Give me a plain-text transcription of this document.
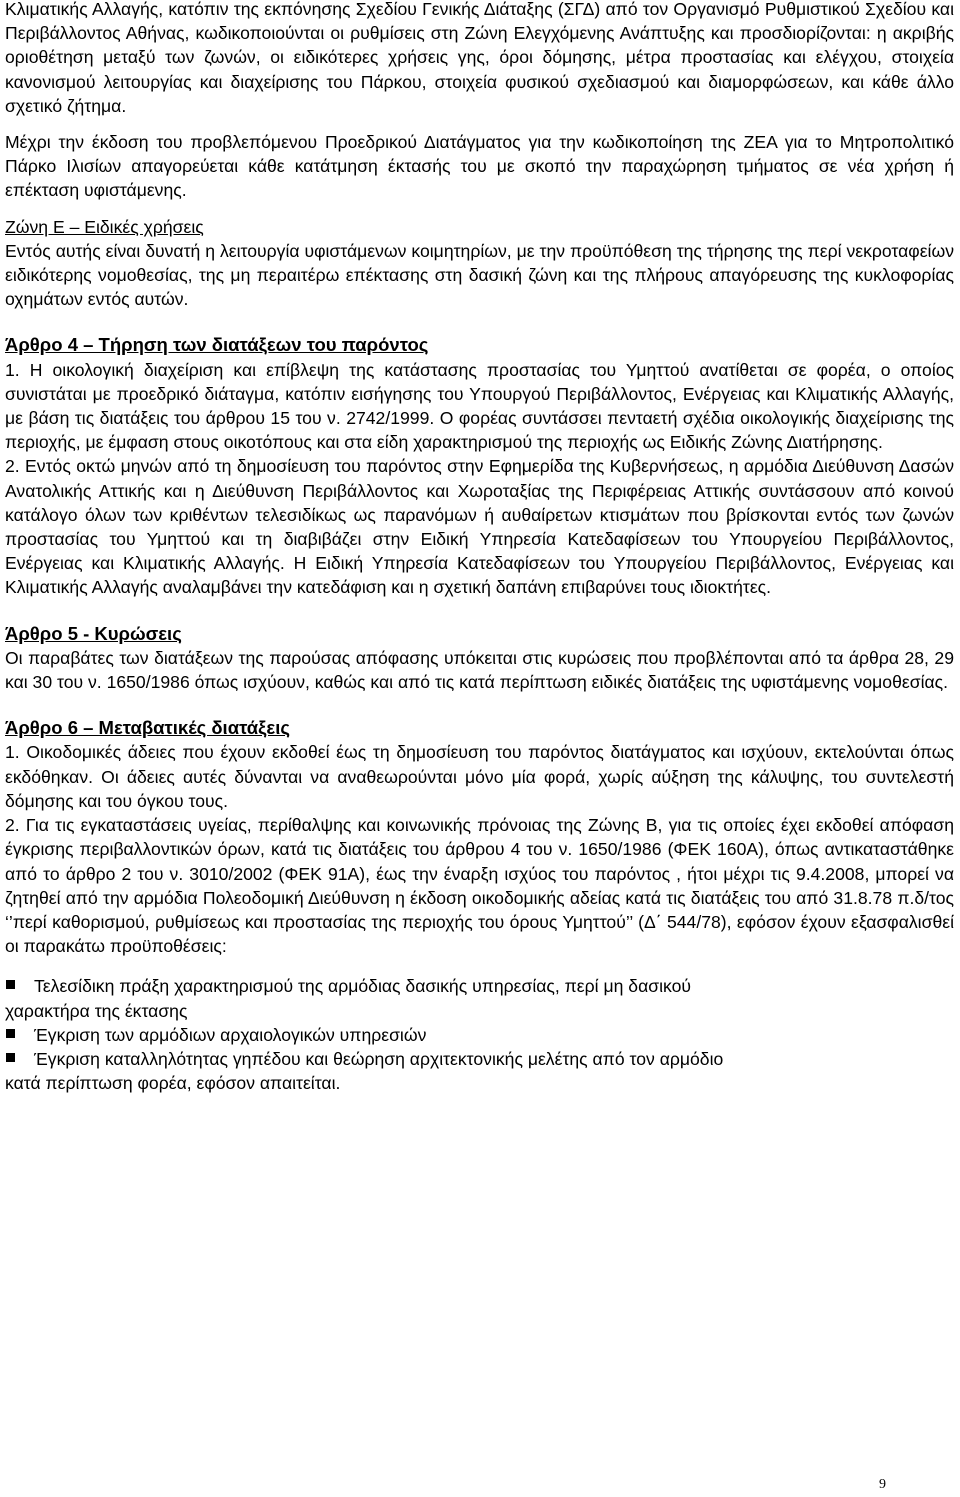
Κλιματικής Αλλαγής, κατόπιν της εκπόνησης Σχεδίου Γενικής Διάταξης (ΣΓΔ) από τον Οργανισμό Ρυθμιστικού Σχεδίου και Περιβάλλοντος Αθήνας, κωδικοποιούνται οι ρυθμίσεις στη Ζώνη Ελεγχόμενης Ανάπτυξης και προσδιορίζονται: η ακριβής οριοθέτηση μεταξύ των ζωνών, οι ειδικότερες χρήσεις γης, όροι δόμησης, μέτρα προστασίας και ελέγχου, στοιχεία κανονισμού λειτουργίας και διαχείρισης του Πάρκου, στοιχεία φυσικού σχεδιασμού και διαμορφώσεων, και κάθε άλλο σχετικό ζήτημα.

Μέχρι την έκδοση του προβλεπόμενου Προεδρικού Διατάγματος για την κωδικοποίηση της ΖΕΑ για το Μητροπολιτικό Πάρκο Ιλισίων απαγορεύεται κάθε κατάτμηση έκτασής του με σκοπό την παραχώρηση τμήματος σε νέα χρήση ή επέκταση υφιστάμενης.

Ζώνη Ε – Ειδικές χρήσεις

Εντός αυτής είναι δυνατή η λειτουργία υφιστάμενων κοιμητηρίων, με την προϋπόθεση της τήρησης της περί νεκροταφείων ειδικότερης νομοθεσίας, της μη περαιτέρω επέκτασης στη δασική ζώνη και της πλήρους απαγόρευσης της κυκλοφορίας οχημάτων εντός αυτών.

Άρθρο 4 – Τήρηση των διατάξεων του παρόντος

1. Η οικολογική διαχείριση και επίβλεψη της κατάστασης προστασίας του Υμηττού ανατίθεται σε φορέα, ο οποίος συνιστάται με προεδρικό διάταγμα, κατόπιν εισήγησης του Υπουργού Περιβάλλοντος, Ενέργειας και Κλιματικής Αλλαγής, με βάση τις διατάξεις του άρθρου 15 του ν. 2742/1999. Ο φορέας συντάσσει πενταετή σχέδια οικολογικής διαχείρισης της περιοχής, με έμφαση στους οικοτόπους και στα είδη χαρακτηρισμού της περιοχής ως Ειδικής Ζώνης Διατήρησης.

2. Εντός οκτώ μηνών από τη δημοσίευση του παρόντος στην Εφημερίδα της Κυβερνήσεως, η αρμόδια Διεύθυνση Δασών Ανατολικής Αττικής και η Διεύθυνση Περιβάλλοντος και Χωροταξίας της Περιφέρειας Αττικής συντάσσουν από κοινού κατάλογο όλων των κριθέντων τελεσιδίκως ως παρανόμων ή αυθαίρετων κτισμάτων που βρίσκονται εντός των ζωνών προστασίας του Υμηττού και τη διαβιβάζει στην Ειδική Υπηρεσία Κατεδαφίσεων του Υπουργείου Περιβάλλοντος, Ενέργειας και Κλιματικής Αλλαγής. Η Ειδική Υπηρεσία Κατεδαφίσεων του Υπουργείου Περιβάλλοντος, Ενέργειας και Κλιματικής Αλλαγής αναλαμβάνει την κατεδάφιση και η σχετική δαπάνη επιβαρύνει τους ιδιοκτήτες.

Άρθρο 5 - Κυρώσεις

Οι παραβάτες των διατάξεων της παρούσας απόφασης υπόκειται στις κυρώσεις που προβλέπονται από τα άρθρα 28, 29 και 30 του ν. 1650/1986 όπως ισχύουν, καθώς και από τις κατά περίπτωση ειδικές διατάξεις της υφιστάμενης νομοθεσίας.

Άρθρο 6 – Μεταβατικές διατάξεις

1. Οικοδομικές άδειες που έχουν εκδοθεί έως τη δημοσίευση του παρόντος διατάγματος και ισχύουν, εκτελούνται όπως εκδόθηκαν. Οι άδειες αυτές δύνανται να αναθεωρούνται μόνο μία φορά, χωρίς αύξηση της κάλυψης, του συντελεστή δόμησης και του όγκου τους.

2. Για τις εγκαταστάσεις υγείας, περίθαλψης και κοινωνικής πρόνοιας της Ζώνης Β, για τις οποίες έχει εκδοθεί απόφαση έγκρισης περιβαλλοντικών όρων, κατά τις διατάξεις του άρθρου 4 του ν. 1650/1986 (ΦΕΚ 160Α), όπως αντικαταστάθηκε από το άρθρο 2 του ν. 3010/2002 (ΦΕΚ 91Α), έως την έναρξη ισχύος του παρόντος , ήτοι μέχρι τις 9.4.2008, μπορεί να ζητηθεί από την αρμόδια Πολεοδομική Διεύθυνση η έκδοση οικοδομικής αδείας κατά τις διατάξεις του από 31.8.78 π.δ/τος ‘’περί καθορισμού, ρυθμίσεως και προστασίας της περιοχής του όρους Υμηττού’’ (Δ΄ 544/78), εφόσον έχουν εξασφαλισθεί οι παρακάτω προϋποθέσεις:

Τελεσίδικη πράξη χαρακτηρισμού της αρμόδιας δασικής υπηρεσίας, περί μη δασικού
χαρακτήρα της έκτασης
Έγκριση των αρμόδιων αρχαιολογικών υπηρεσιών
Έγκριση καταλληλότητας γηπέδου και θεώρηση αρχιτεκτονικής μελέτης από τον αρμόδιο
κατά περίπτωση φορέα, εφόσον απαιτείται.
9
